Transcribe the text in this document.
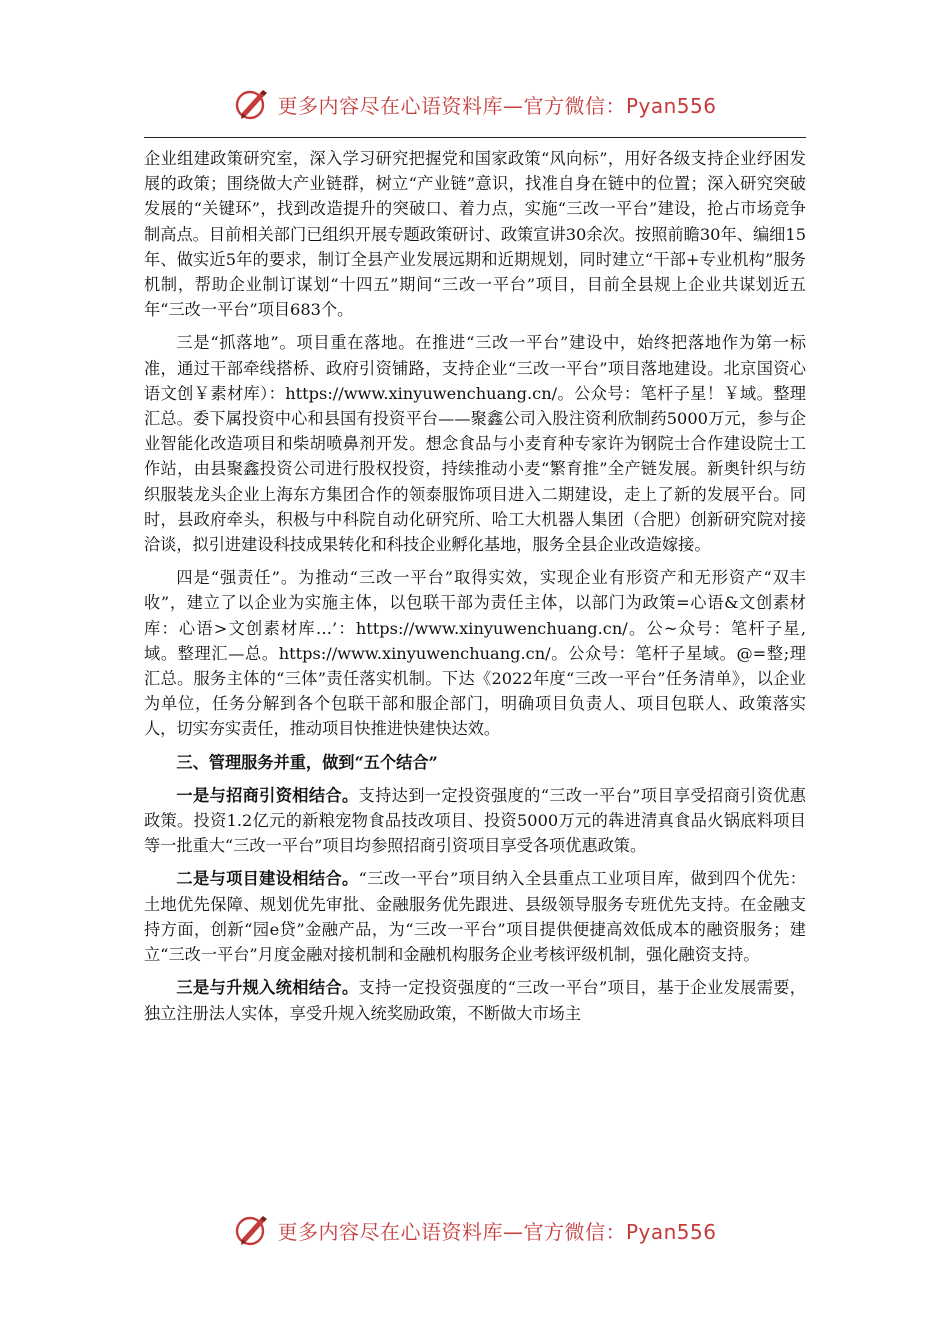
更多内容尽在心语资料库—官方微信：Pyan556

企业组建政策研究室，深入学习研究把握党和国家政策“风向标”，用好各级支持企业纾困发展的政策；围绕做大产业链群，树立“产业链”意识，找准自身在链中的位置；深入研究突破发展的“关键环”，找到改造提升的突破口、着力点，实施“三改一平台”建设，抢占市场竞争制高点。目前相关部门已组织开展专题政策研讨、政策宣讲30余次。按照前瞻30年、编细15年、做实近5年的要求，制订全县产业发展远期和近期规划，同时建立“干部+专业机构”服务机制，帮助企业制订谋划“十四五”期间“三改一平台”项目，目前全县规上企业共谋划近五年“三改一平台”项目683个。

三是“抓落地”。项目重在落地。在推进“三改一平台”建设中，始终把落地作为第一标准，通过干部牵线搭桥、政府引资铺路，支持企业“三改一平台”项目落地建设。北京国资心语文创￥素材库）：https://www.xinyuwenchuang.cn/。公众号：笔杆子星！￥域。整理汇总。委下属投资中心和县国有投资平台——聚鑫公司入股注资利欣制药5000万元，参与企业智能化改造项目和柴胡喷鼻剂开发。想念食品与小麦育种专家许为钢院士合作建设院士工作站，由县聚鑫投资公司进行股权投资，持续推动小麦“繁育推”全产链发展。新奥针织与纺织服装龙头企业上海东方集团合作的领泰服饰项目进入二期建设，走上了新的发展平台。同时，县政府牵头，积极与中科院自动化研究所、哈工大机器人集团（合肥）创新研究院对接洽谈，拟引进建设科技成果转化和科技企业孵化基地，服务全县企业改造嫁接。

四是“强责任”。为推动“三改一平台”取得实效，实现企业有形资产和无形资产“双丰收”，建立了以企业为实施主体，以包联干部为责任主体，以部门为政策=心语&文创素材库：心语>文创素材库…’：https://www.xinyuwenchuang.cn/。公~众号：笔杆子星,域。整理汇—总。https://www.xinyuwenchuang.cn/。公众号：笔杆子星域。@=整;理汇总。服务主体的“三体”责任落实机制。下达《2022年度“三改一平台”任务清单》，以企业为单位，任务分解到各个包联干部和服企部门，明确项目负责人、项目包联人、政策落实人，切实夯实责任，推动项目快推进快建快达效。

三、管理服务并重，做到“五个结合”

一是与招商引资相结合。支持达到一定投资强度的“三改一平台”项目享受招商引资优惠政策。投资1.2亿元的新粮宠物食品技改项目、投资5000万元的犇进清真食品火锅底料项目等一批重大“三改一平台”项目均参照招商引资项目享受各项优惠政策。

二是与项目建设相结合。“三改一平台”项目纳入全县重点工业项目库，做到四个优先：土地优先保障、规划优先审批、金融服务优先跟进、县级领导服务专班优先支持。在金融支持方面，创新“园e贷”金融产品，为“三改一平台”项目提供便捷高效低成本的融资服务；建立“三改一平台”月度金融对接机制和金融机构服务企业考核评级机制，强化融资支持。

三是与升规入统相结合。支持一定投资强度的“三改一平台”项目，基于企业发展需要，独立注册法人实体，享受升规入统奖励政策，不断做大市场主

更多内容尽在心语资料库—官方微信：Pyan556
